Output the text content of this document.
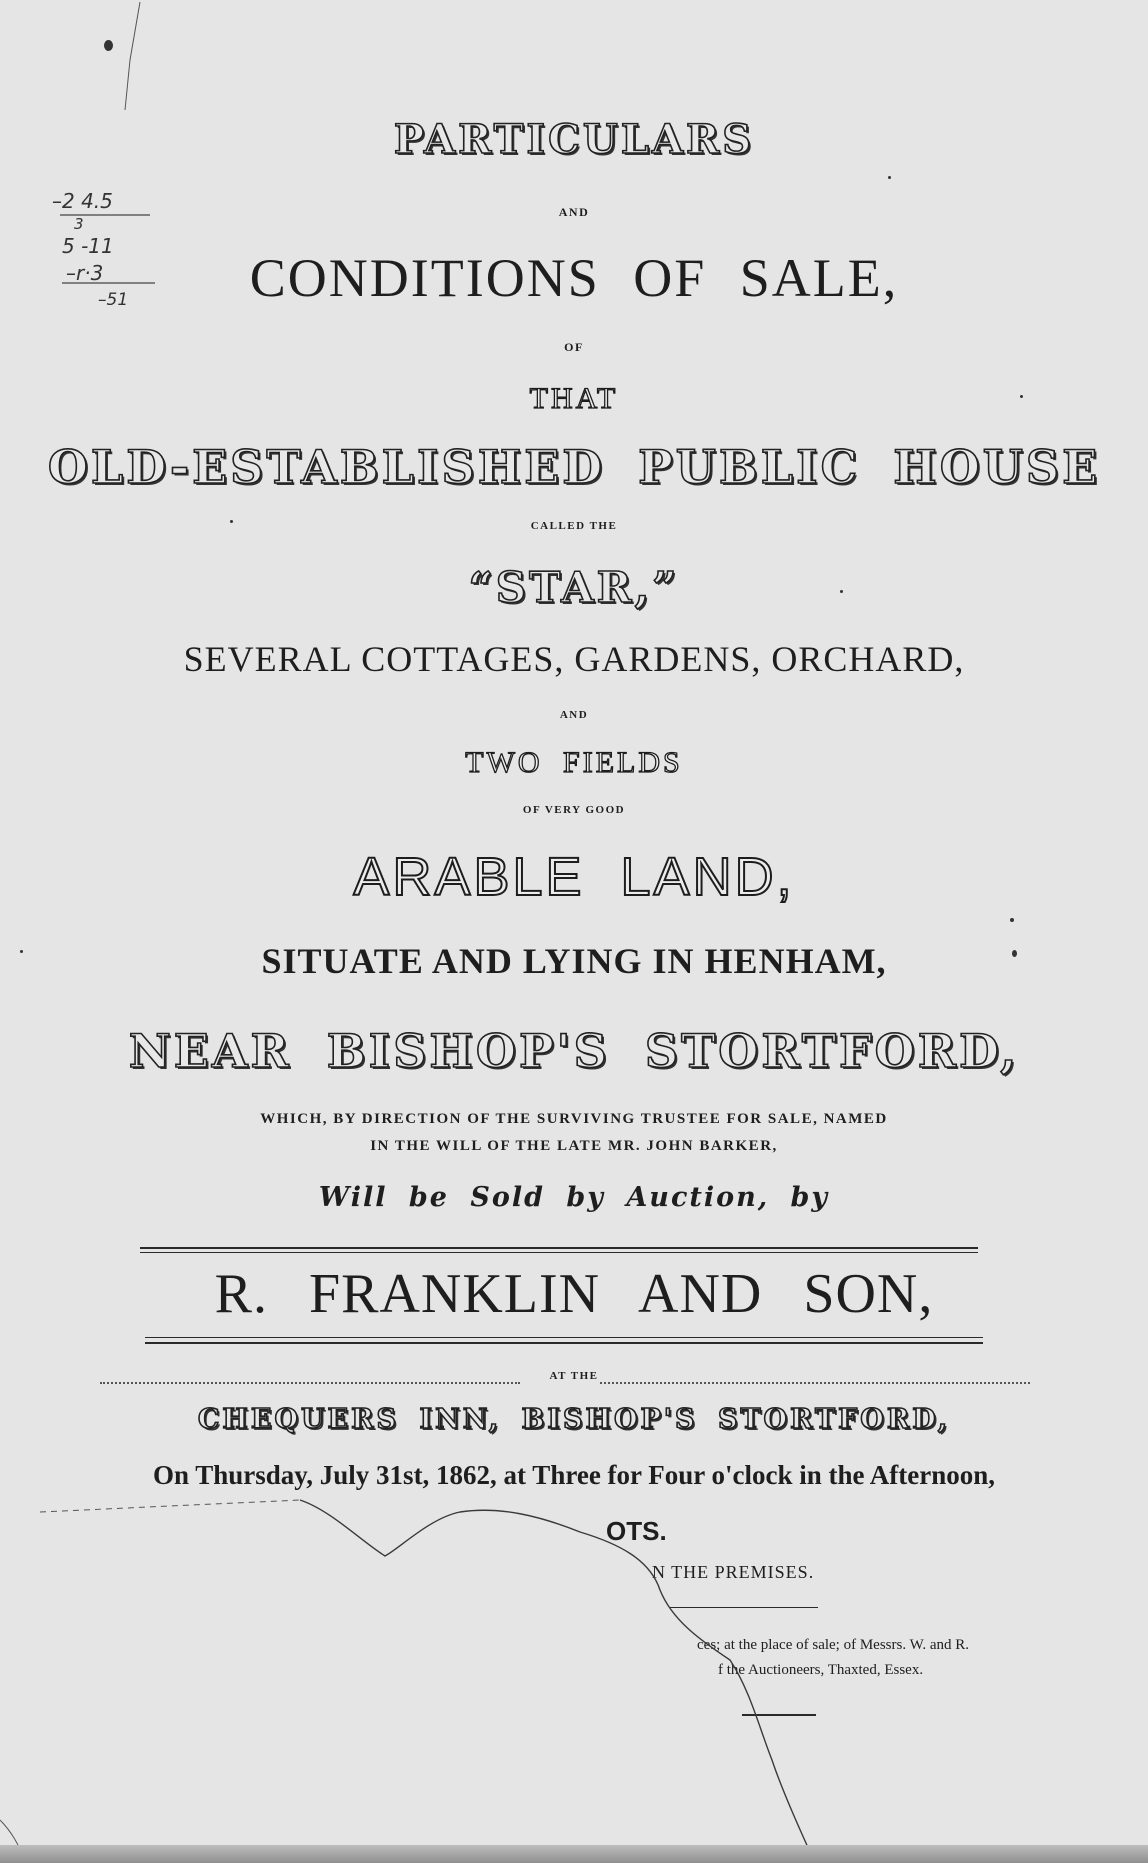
–2 4.5
3
5 -11
–r·3
–51
PARTICULARS
AND
CONDITIONS OF SALE,
OF
THAT
OLD-ESTABLISHED PUBLIC HOUSE
CALLED THE
“STAR,”
SEVERAL COTTAGES, GARDENS, ORCHARD,
AND
TWO FIELDS
OF VERY GOOD
ARABLE LAND,
SITUATE AND LYING IN HENHAM,
NEAR BISHOP'S STORTFORD,
WHICH, BY DIRECTION OF THE SURVIVING TRUSTEE FOR SALE, NAMED
IN THE WILL OF THE LATE MR. JOHN BARKER,
Will be Sold by Auction, by
R. FRANKLIN AND SON,
AT THE
CHEQUERS INN, BISHOP'S STORTFORD,
On Thursday, July 31st, 1862, at Three for Four o'clock in the Afternoon,
OTS.
N THE PREMISES.
ces; at the place of sale; of Messrs. W. and R.
f the Auctioneers, Thaxted, Essex.
